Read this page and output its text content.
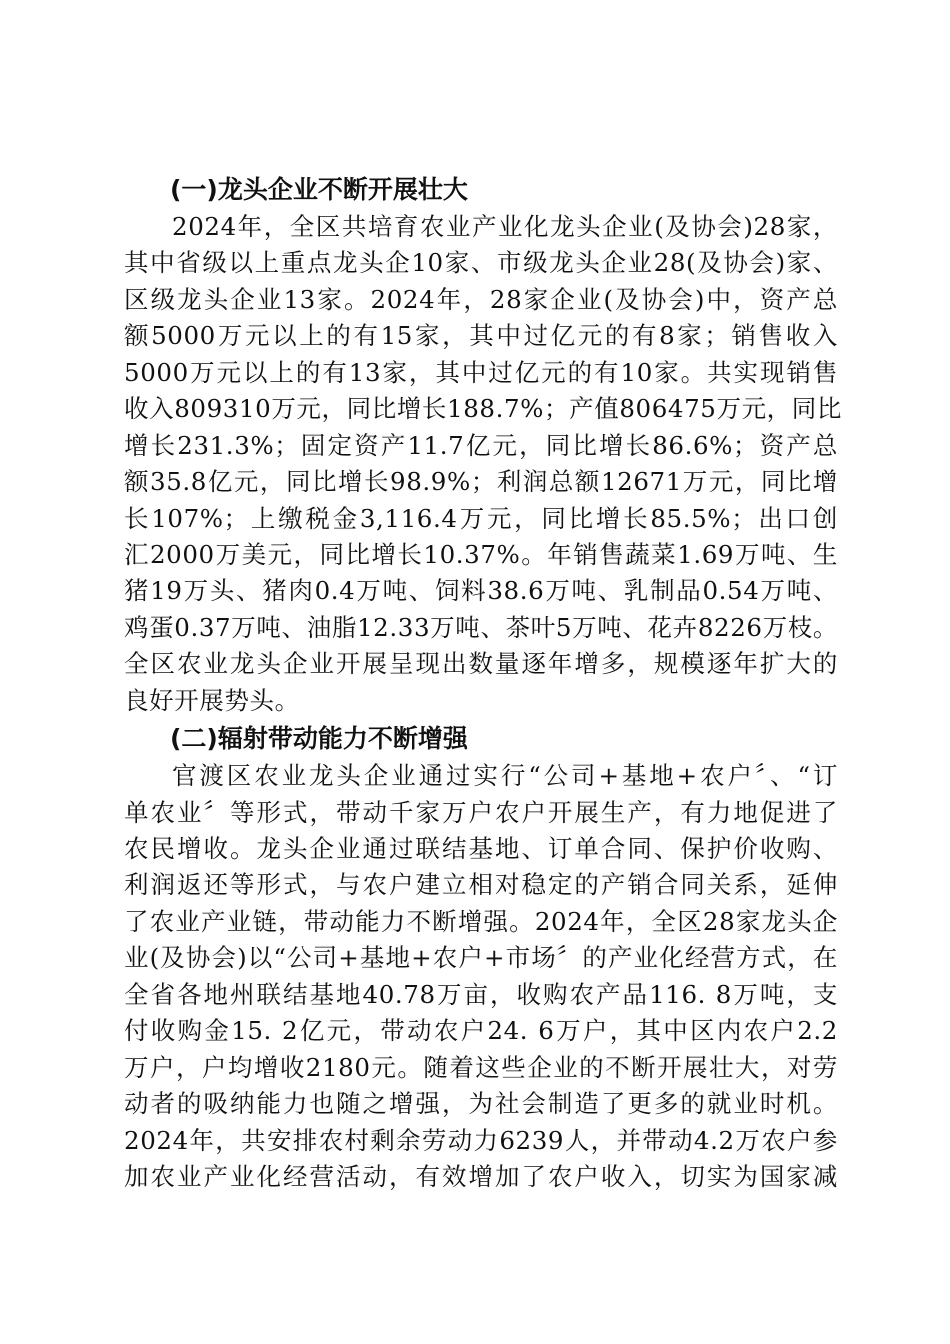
(一)龙头企业不断开展壮大
2024年，全区共培育农业产业化龙头企业(及协会)28家，
其中省级以上重点龙头企10家、市级龙头企业28(及协会)家、
区级龙头企业13家。2024年，28家企业(及协会)中，资产总
额5000万元以上的有15家，其中过亿元的有8家；销售收入
5000万元以上的有13家，其中过亿元的有10家。共实现销售
收入809310万元，同比增长188.7%；产值806475万元，同比
增长231.3%；固定资产11.7亿元，同比增长86.6%；资产总
额35.8亿元，同比增长98.9%；利润总额12671万元，同比增
长107%；上缴税金3,116.4万元，同比增长85.5%；出口创
汇2000万美元，同比增长10.37%。年销售蔬菜1.69万吨、生
猪19万头、猪肉0.4万吨、饲料38.6万吨、乳制品0.54万吨、
鸡蛋0.37万吨、油脂12.33万吨、茶叶5万吨、花卉8226万枝。
全区农业龙头企业开展呈现出数量逐年增多，规模逐年扩大的
良好开展势头。
(二)辐射带动能力不断增强
官渡区农业龙头企业通过实行“公司+基地+农户〞、“订
单农业〞等形式，带动千家万户农户开展生产，有力地促进了
农民增收。龙头企业通过联结基地、订单合同、保护价收购、
利润返还等形式，与农户建立相对稳定的产销合同关系，延伸
了农业产业链，带动能力不断增强。2024年，全区28家龙头企
业(及协会)以“公司+基地+农户+市场〞的产业化经营方式，在
全省各地州联结基地40.78万亩，收购农产品116. 8万吨，支
付收购金15. 2亿元，带动农户24. 6万户，其中区内农户2.2
万户，户均增收2180元。随着这些企业的不断开展壮大，对劳
动者的吸纳能力也随之增强，为社会制造了更多的就业时机。
2024年，共安排农村剩余劳动力6239人，并带动4.2万农户参
加农业产业化经营活动，有效增加了农户收入，切实为国家减
